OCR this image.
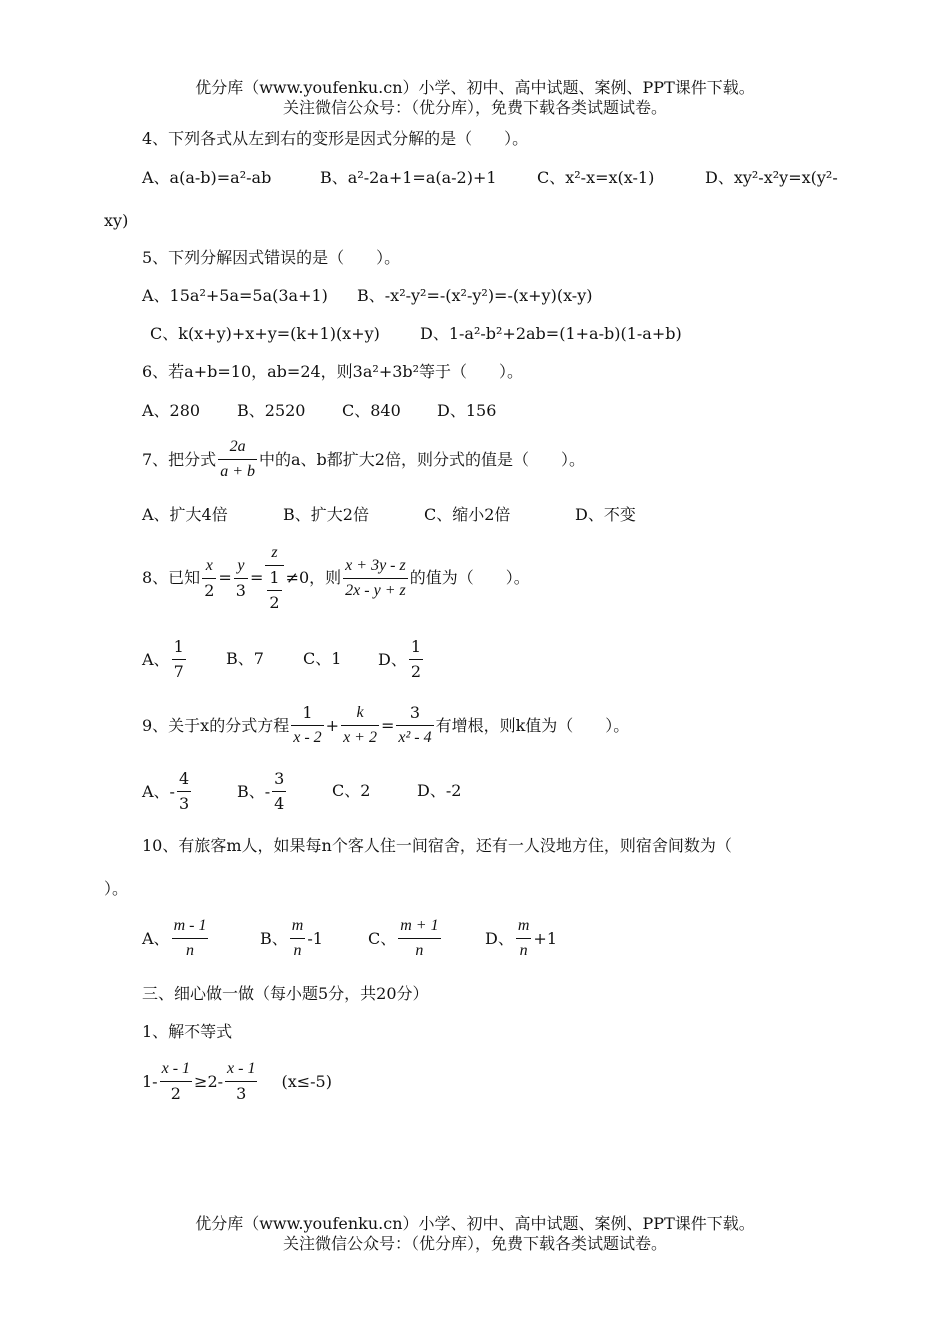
优分库（www.youfenku.cn）小学、初中、高中试题、案例、PPT课件下载。
关注微信公众号：（优分库），免费下载各类试题试卷。
4、下列各式从左到右的变形是因式分解的是（　　）。
A、a(a-b)=a²-ab	B、a²-2a+1=a(a-2)+1	C、x²-x=x(x-1)	D、xy²-x²y=x(y²-
xy)
5、下列分解因式错误的是（　　）。
A、15a²+5a=5a(3a+1) B、-x²-y²=-(x²-y²)=-(x+y)(x-y)
C、k(x+y)+x+y=(k+1)(x+y)	D、1-a²-b²+2ab=(1+a-b)(1-a+b)
6、若a+b=10，ab=24，则3a²+3b²等于（　　）。
A、280 B、2520 C、840 D、156
7、把分式 $\frac{2a}{a + b}$ 中的a、b都扩大2倍，则分式的值是（　　）。
A、扩大4倍	B、扩大2倍	C、缩小2倍	D、不变
8、已知 $\frac{x}{2} = \frac{y}{3} = \frac{z}{\frac{1}{2}} \ne 0$，则 $\frac{x + 3y - z}{2x - y + z}$ 的值为（　　）。
A、 $\frac{1}{7}$	B、7 C、1 D、 $\frac{1}{2}$
9、关于x的分式方程 $\frac{1}{x - 2} + \frac{k}{x + 2} = \frac{3}{\text{x² - 4}}$ 有增根，则k值为（　　）。
A、- $\frac{4}{3}$	B、- $\frac{3}{4}$	C、2	D、-2
10、有旅客m人，如果每n个客人住一间宿舍，还有一人没地方住，则宿舍间数为（
）。
A、 $\frac{m - 1}{n}$	B、 $\frac{m}{n} -1$	C、 $\frac{m + 1}{n}$	D、 $\frac{m}{n} +1$
三、细心做一做（每小题5分，共20分）
1、解不等式
$1- \frac{x - 1}{2} \ge 2- \frac{x - 1}{3} (x\le-5)$
优分库（www.youfenku.cn）小学、初中、高中试题、案例、PPT课件下载。
关注微信公众号：（优分库），免费下载各类试题试卷。
